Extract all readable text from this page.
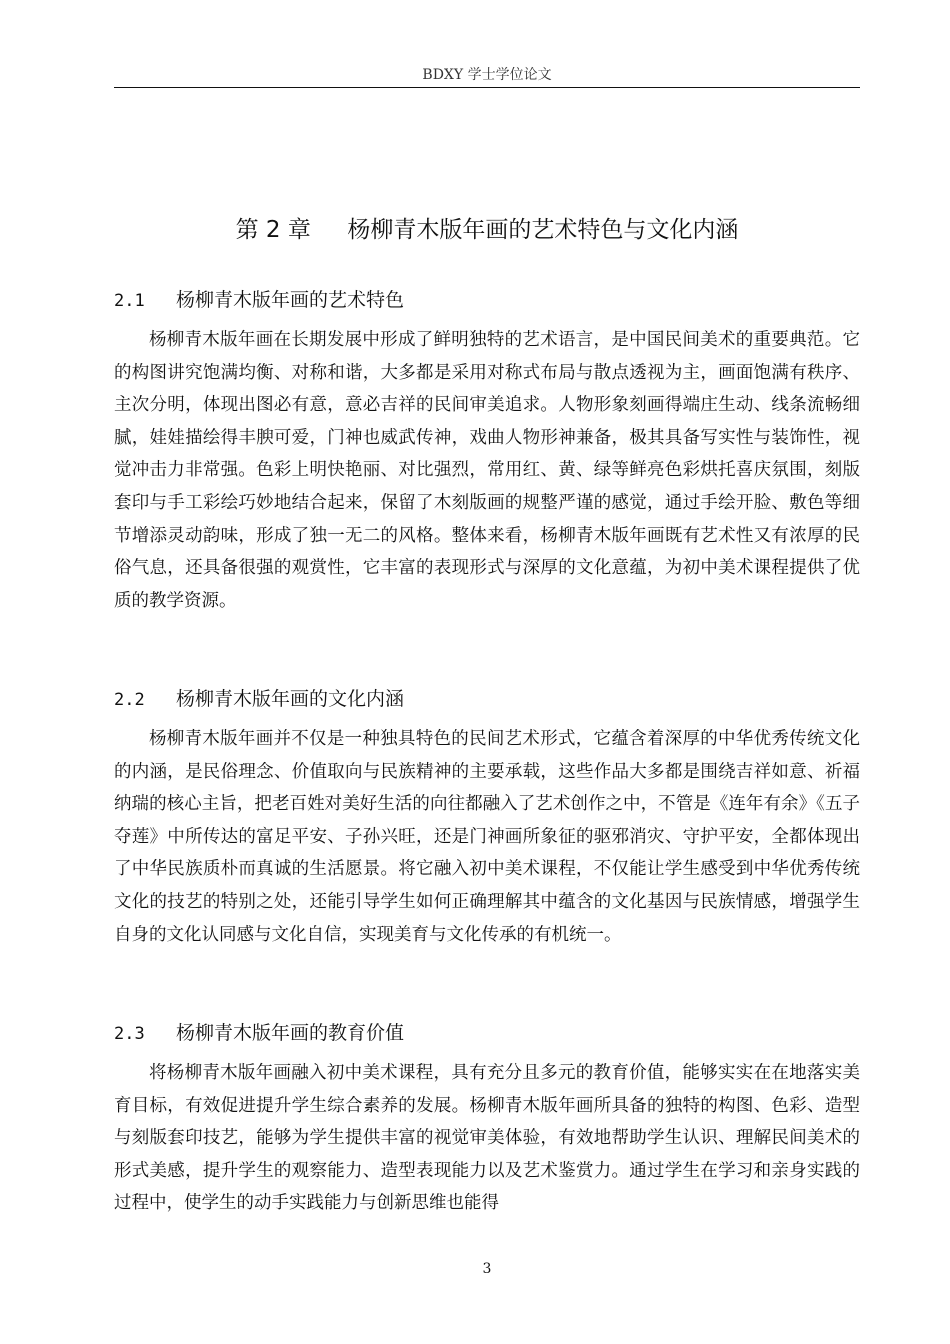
BDXY 学士学位论文
第 2 章     杨柳青木版年画的艺术特色与文化内涵
2.1 杨柳青木版年画的艺术特色

杨柳青木版年画在长期发展中形成了鲜明独特的艺术语言，是中国民间美术的重要典范。它的构图讲究饱满均衡、对称和谐，大多都是采用对称式布局与散点透视为主，画面饱满有秩序、主次分明，体现出图必有意，意必吉祥的民间审美追求。人物形象刻画得端庄生动、线条流畅细腻，娃娃描绘得丰腴可爱，门神也威武传神，戏曲人物形神兼备，极其具备写实性与装饰性，视觉冲击力非常强。色彩上明快艳丽、对比强烈，常用红、黄、绿等鲜亮色彩烘托喜庆氛围，刻版套印与手工彩绘巧妙地结合起来，保留了木刻版画的规整严谨的感觉，通过手绘开脸、敷色等细节增添灵动韵味，形成了独一无二的风格。整体来看，杨柳青木版年画既有艺术性又有浓厚的民俗气息，还具备很强的观赏性，它丰富的表现形式与深厚的文化意蕴，为初中美术课程提供了优质的教学资源。

2.2 杨柳青木版年画的文化内涵

杨柳青木版年画并不仅是一种独具特色的民间艺术形式，它蕴含着深厚的中华优秀传统文化的内涵，是民俗理念、价值取向与民族精神的主要承载，这些作品大多都是围绕吉祥如意、祈福纳瑞的核心主旨，把老百姓对美好生活的向往都融入了艺术创作之中，不管是《连年有余》《五子夺莲》中所传达的富足平安、子孙兴旺，还是门神画所象征的驱邪消灾、守护平安，全都体现出了中华民族质朴而真诚的生活愿景。将它融入初中美术课程，不仅能让学生感受到中华优秀传统文化的技艺的特别之处，还能引导学生如何正确理解其中蕴含的文化基因与民族情感，增强学生自身的文化认同感与文化自信，实现美育与文化传承的有机统一。

2.3 杨柳青木版年画的教育价值

将杨柳青木版年画融入初中美术课程，具有充分且多元的教育价值，能够实实在在地落实美育目标，有效促进提升学生综合素养的发展。杨柳青木版年画所具备的独特的构图、色彩、造型与刻版套印技艺，能够为学生提供丰富的视觉审美体验，有效地帮助学生认识、理解民间美术的形式美感，提升学生的观察能力、造型表现能力以及艺术鉴赏力。通过学生在学习和亲身实践的过程中，使学生的动手实践能力与创新思维也能得

3
